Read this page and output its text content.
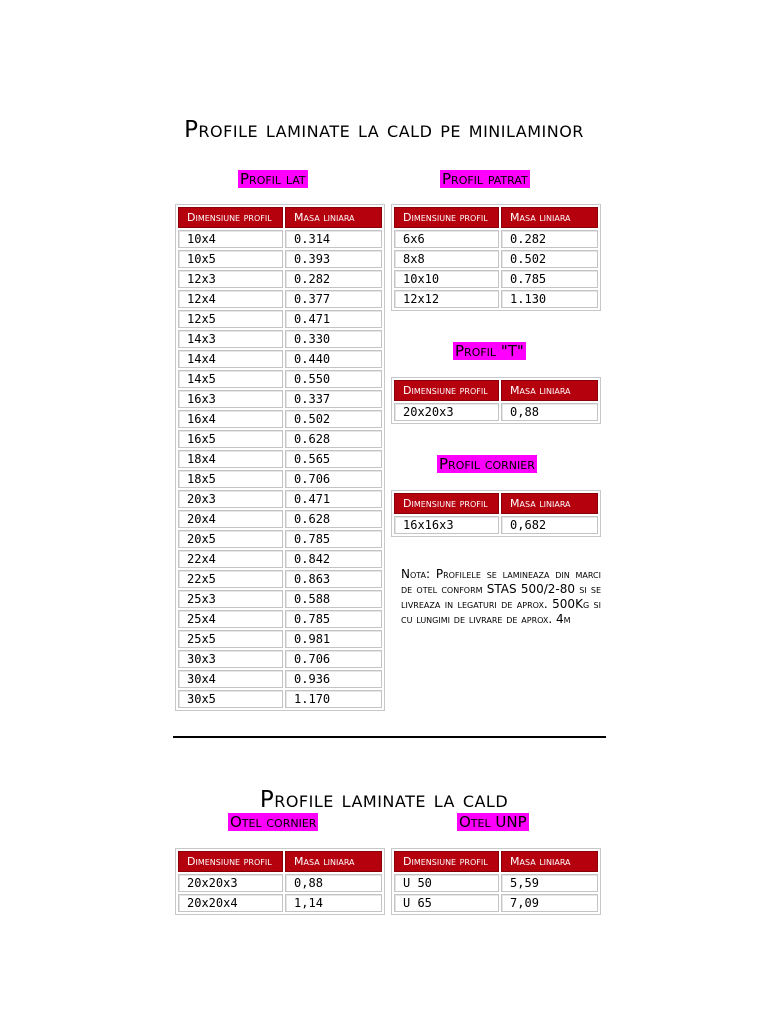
Profile laminate la cald pe minilaminor
Profil lat	Profil patrat
Profil "T"
Profil cornier
Dimensiune profil	Masa liniara
10x4	0.314
10x5	0.393
12x3	0.282
12x4	0.377
12x5	0.471
14x3	0.330
14x4	0.440
14x5	0.550
16x3	0.337
16x4	0.502
16x5	0.628
18x4	0.565
18x5	0.706
20x3	0.471
20x4	0.628
20x5	0.785
22x4	0.842
22x5	0.863
25x3	0.588
25x4	0.785
25x5	0.981
30x3	0.706
30x4	0.936
30x5	1.170
Dimensiune profil	Masa liniara
6x6	0.282
8x8	0.502
10x10	0.785
12x12	1.130
Dimensiune profil	Masa liniara
20x20x3	0,88
Dimensiune profil	Masa liniara
16x16x3	0,682
Nota: Profilele se lamineaza din marci de otel conform STAS 500/2-80 si se livreaza in legaturi de aprox. 500Kg si cu lungimi de livrare de aprox. 4m
Profile laminate la cald
Otel cornier	Otel UNP
Dimensiune profil	Masa liniara
20x20x3	0,88
20x20x4	1,14
Dimensiune profil	Masa liniara
U 50	5,59
U 65	7,09
